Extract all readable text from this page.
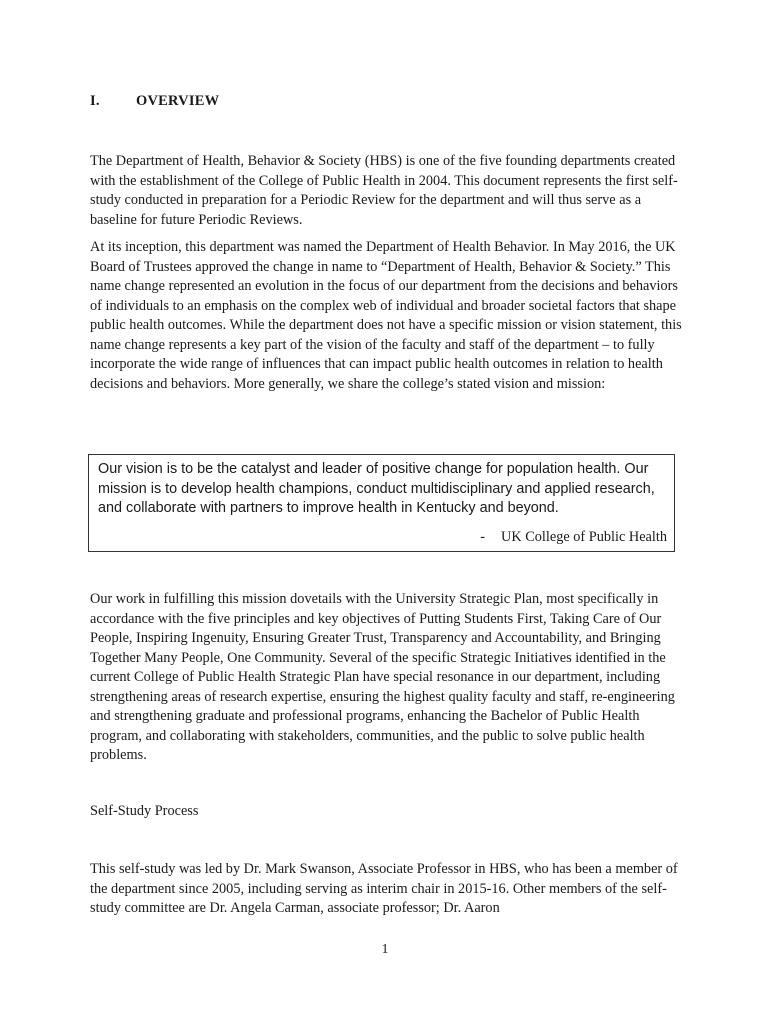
I.	OVERVIEW

The Department of Health, Behavior & Society (HBS) is one of the five founding departments created with the establishment of the College of Public Health in 2004. This document represents the first self-study conducted in preparation for a Periodic Review for the department and will thus serve as a baseline for future Periodic Reviews.

At its inception, this department was named the Department of Health Behavior. In May 2016, the UK Board of Trustees approved the change in name to “Department of Health, Behavior & Society.” This name change represented an evolution in the focus of our department from the decisions and behaviors of individuals to an emphasis on the complex web of individual and broader societal factors that shape public health outcomes. While the department does not have a specific mission or vision statement, this name change represents a key part of the vision of the faculty and staff of the department – to fully incorporate the wide range of influences that can impact public health outcomes in relation to health decisions and behaviors. More generally, we share the college’s stated vision and mission:

Our vision is to be the catalyst and leader of positive change for population health. Our mission is to develop health champions, conduct multidisciplinary and applied research, and collaborate with partners to improve health in Kentucky and beyond.

- UK College of Public Health

Our work in fulfilling this mission dovetails with the University Strategic Plan, most specifically in accordance with the five principles and key objectives of Putting Students First, Taking Care of Our People, Inspiring Ingenuity, Ensuring Greater Trust, Transparency and Accountability, and Bringing Together Many People, One Community. Several of the specific Strategic Initiatives identified in the current College of Public Health Strategic Plan have special resonance in our department, including strengthening areas of research expertise, ensuring the highest quality faculty and staff, re-engineering and strengthening graduate and professional programs, enhancing the Bachelor of Public Health program, and collaborating with stakeholders, communities, and the public to solve public health problems.

Self-Study Process

This self-study was led by Dr. Mark Swanson, Associate Professor in HBS, who has been a member of the department since 2005, including serving as interim chair in 2015-16. Other members of the self-study committee are Dr. Angela Carman, associate professor; Dr. Aaron

1
